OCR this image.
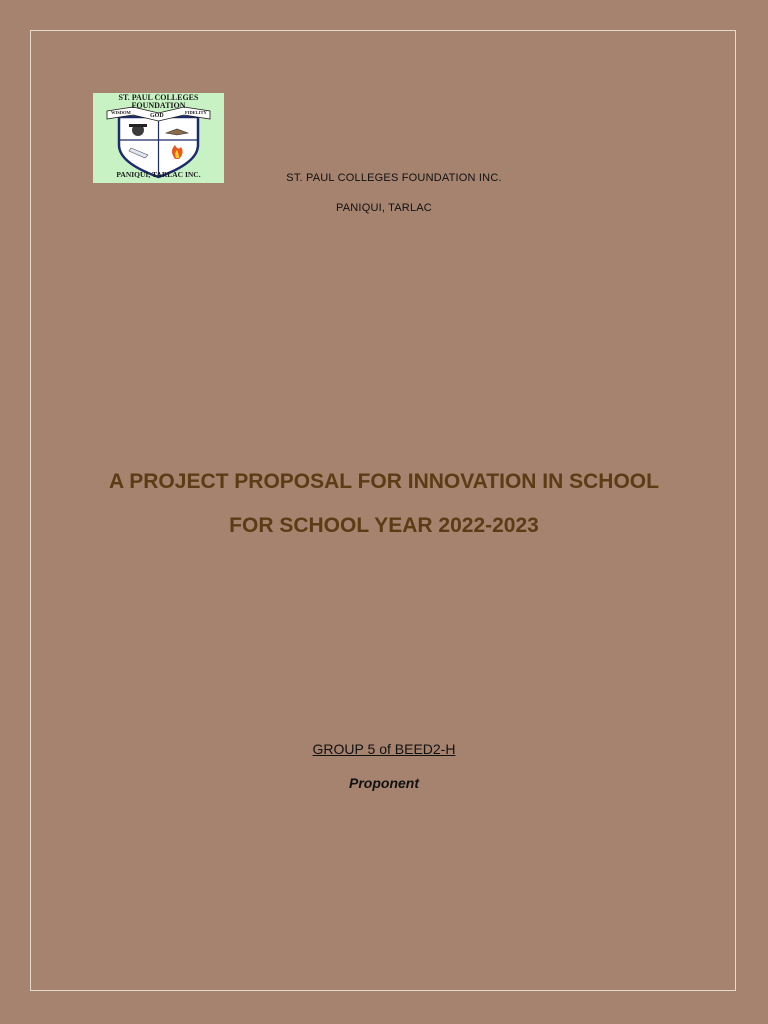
ST. PAUL COLLEGES
FOUNDATION
WISDOM
GOD
FIDELITY
PANIQUI, TARLAC INC.	ST. PAUL COLLEGES FOUNDATION INC.
PANIQUI, TARLAC
A PROJECT PROPOSAL FOR INNOVATION IN SCHOOL
FOR SCHOOL YEAR 2022-2023
GROUP 5 of BEED2-H
Proponent
